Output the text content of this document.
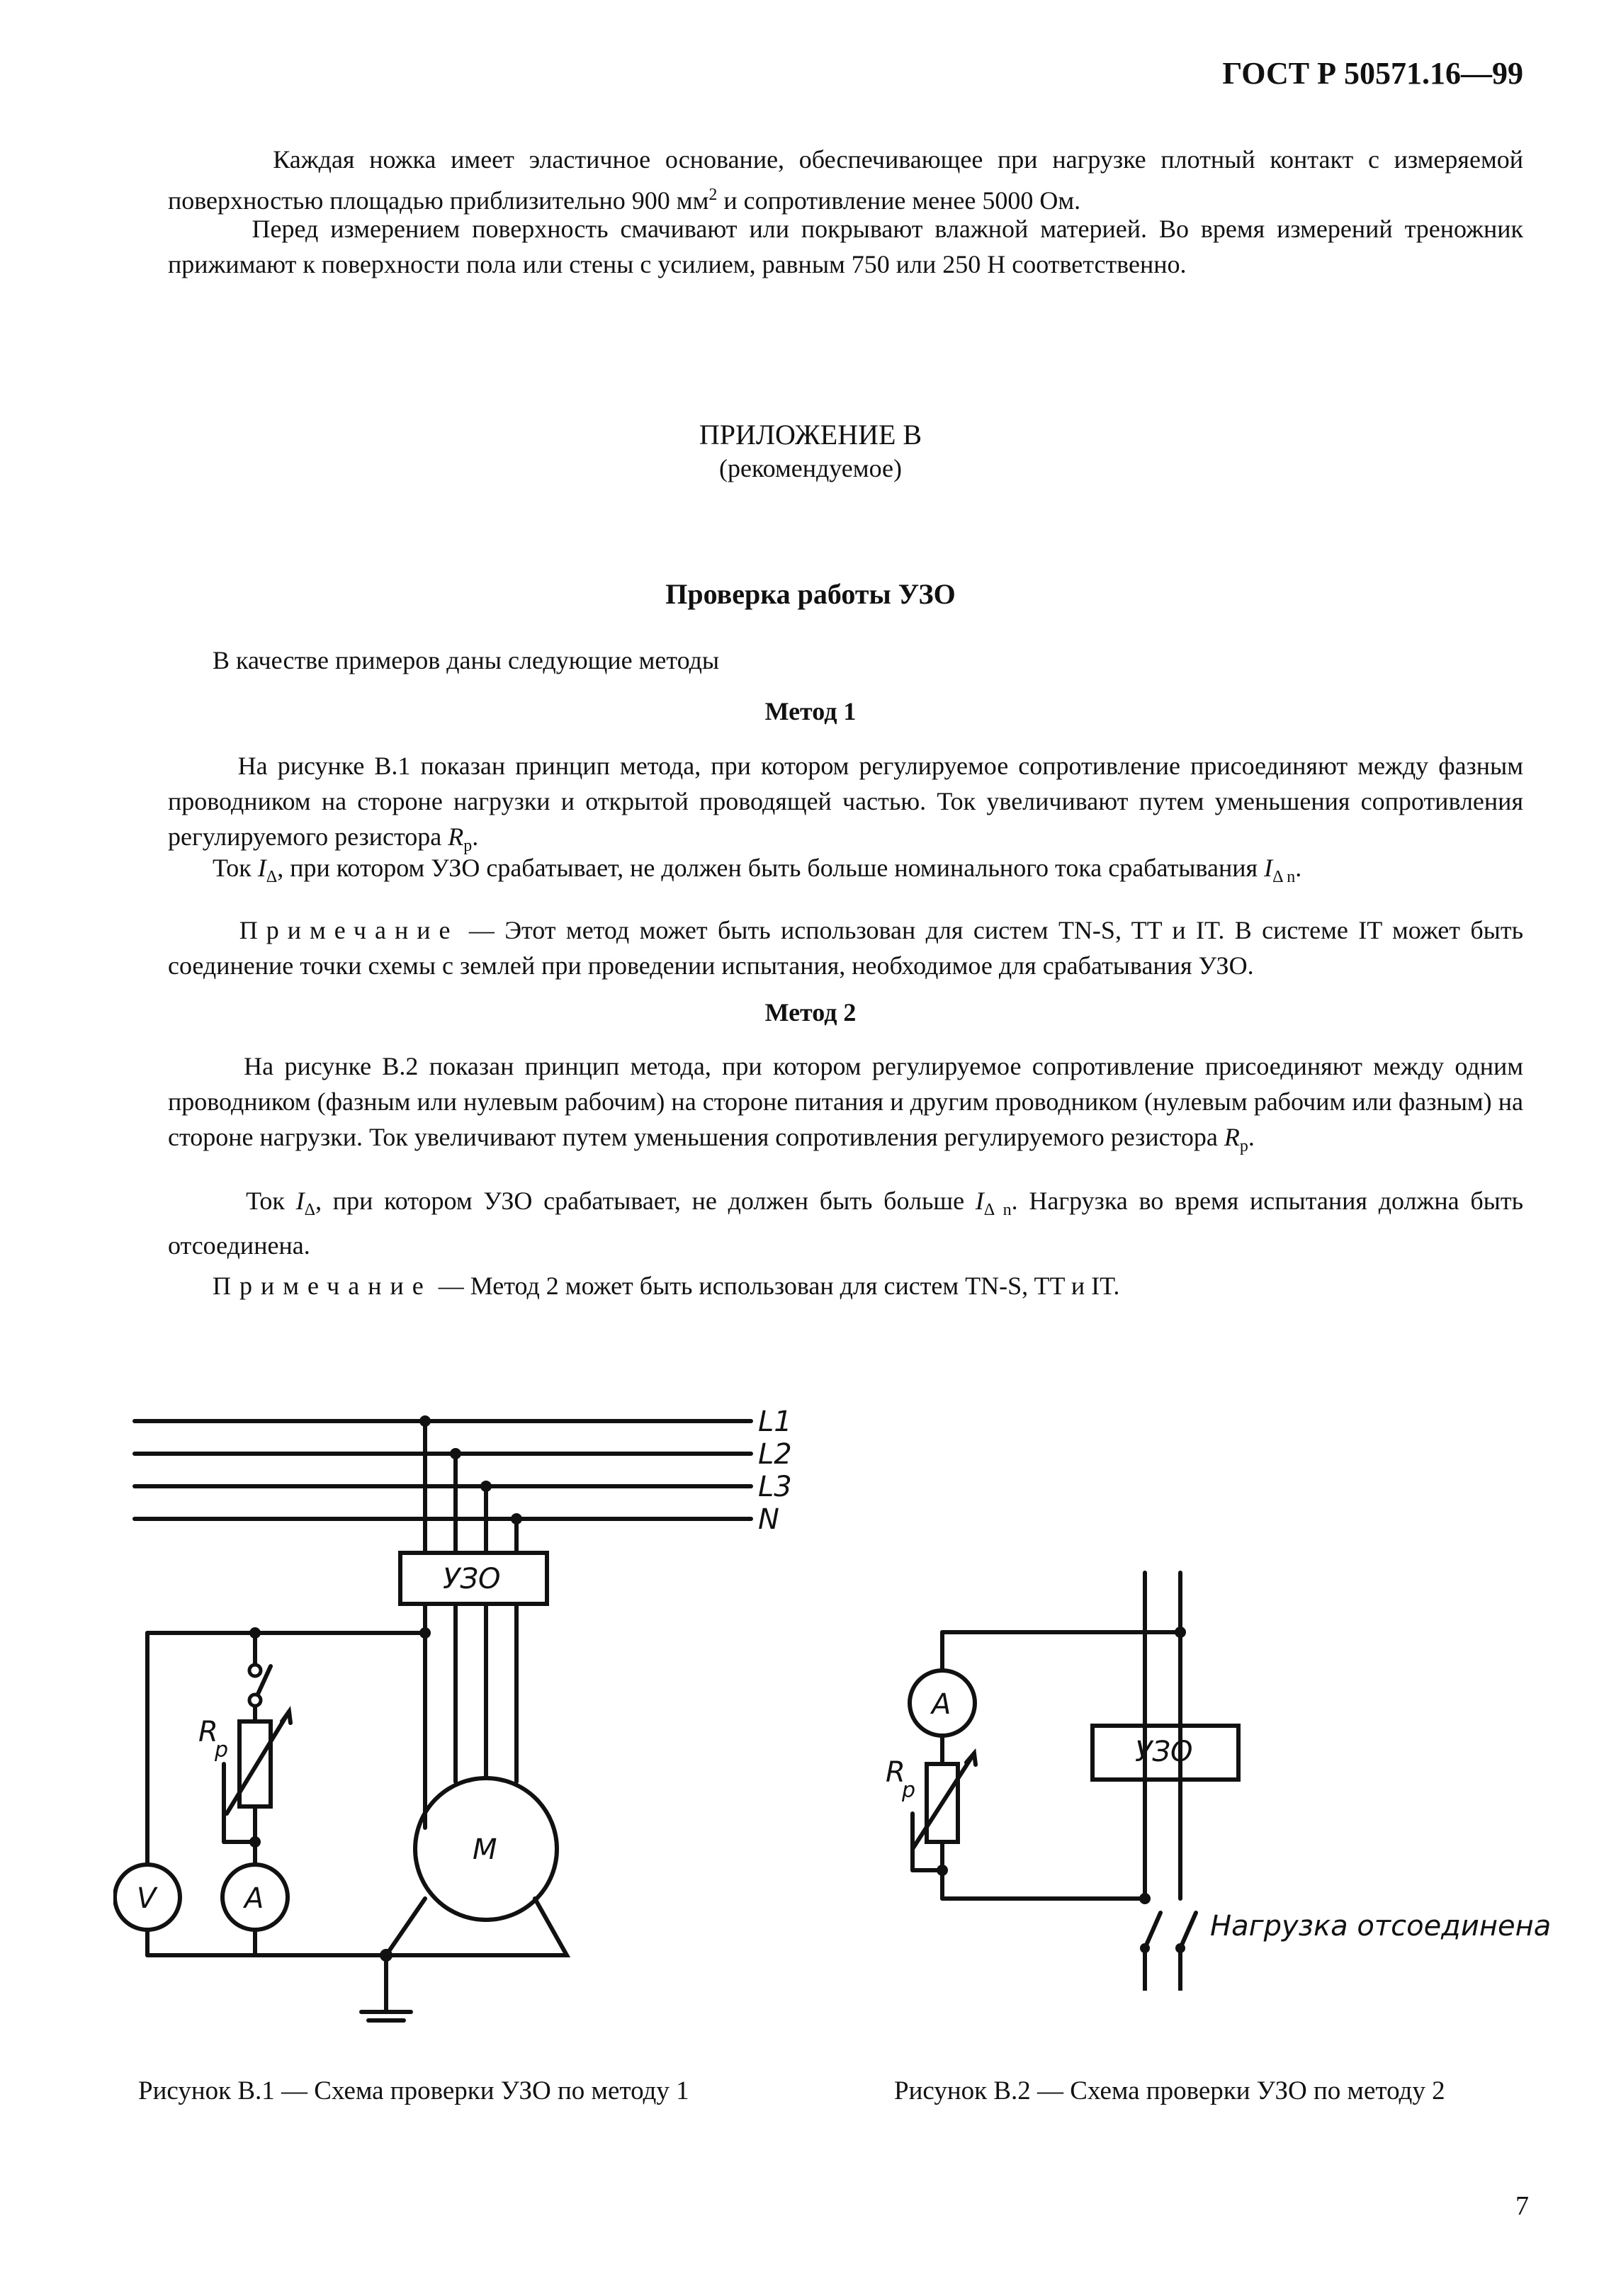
ГОСТ Р 50571.16—99
Каждая ножка имеет эластичное основание, обеспечивающее при нагрузке плотный контакт с измеряемой поверхностью площадью приблизительно 900 $мм^2$ и сопротивление менее 5000 Ом.
Перед измерением поверхность смачивают или покрывают влажной материей. Во время измерений треножник прижимают к поверхности пола или стены с усилием, равным 750 или 250 Н соответственно.
ПРИЛОЖЕНИЕ В
(рекомендуемое)
Проверка работы УЗО
В качестве примеров даны следующие методы
Метод 1
На рисунке В.1 показан принцип метода, при котором регулируемое сопротивление присоединяют между фазным проводником на стороне нагрузки и открытой проводящей частью. Ток увеличивают путем уменьшения сопротивления регулируемого резистора $R_р$.
Ток $I_\Delta$, при котором УЗО срабатывает, не должен быть больше номинального тока срабатывания $I_{\Delta n}$.
Примечание — Этот метод может быть использован для систем TN-S, TT и IT. В системе IT может быть соединение точки схемы с землей при проведении испытания, необходимое для срабатывания УЗО.
Метод 2
На рисунке В.2 показан принцип метода, при котором регулируемое сопротивление присоединяют между одним проводником (фазным или нулевым рабочим) на стороне питания и другим проводником (нулевым рабочим или фазным) на стороне нагрузки. Ток увеличивают путем уменьшения сопротивления регулируемого резистора $R_р$.
Ток $I_\Delta$, при котором УЗО срабатывает, не должен быть больше $I_{\Delta n}$. Нагрузка во время испытания должна быть отсоединена.
Примечание — Метод 2 может быть использован для систем TN-S, TT и IT.
L1
L2
L3
N
УЗО
R
p
V	A
M
A
УЗО
R
p
Нагрузка отсоединена
Рисунок В.1 — Схема проверки УЗО по методу 1	Рисунок В.2 — Схема проверки УЗО по методу 2
7
